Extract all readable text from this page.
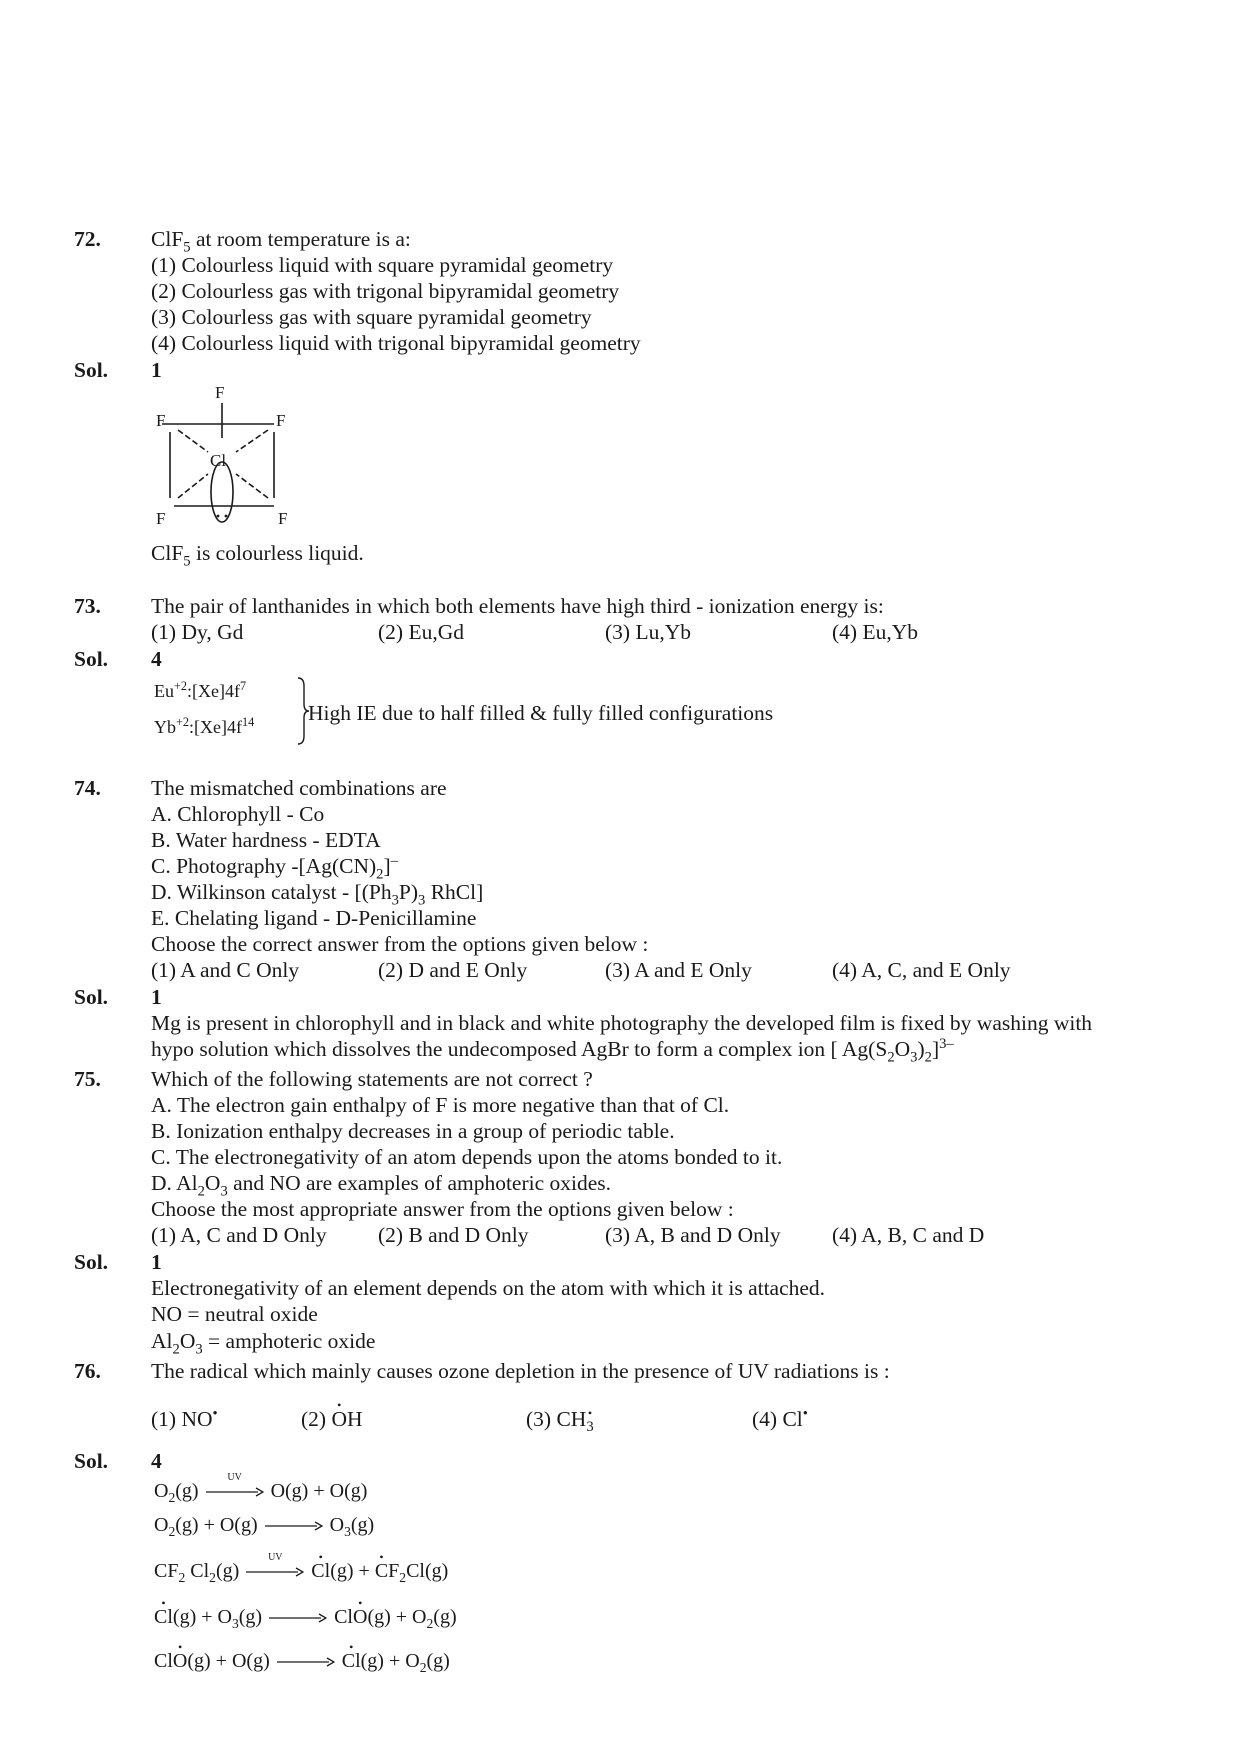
72. ClF$_5$ at room temperature is a:
(1) Colourless liquid with square pyramidal geometry
(2) Colourless gas with trigonal bipyramidal geometry
(3) Colourless gas with square pyramidal geometry
(4) Colourless liquid with trigonal bipyramidal geometry
Sol. 1
F
F	F
F	F
Cl
ClF$_5$ is colourless liquid.
73. The pair of lanthanides in which both elements have high third - ionization energy is:
(1) Dy, Gd	(2) Eu,Gd	(3) Lu,Yb	(4) Eu,Yb
Sol. 4
$Eu^{+2}:[Xe]4f^7$
$Yb^{+2}:[Xe]4f^{14}$	High IE due to half filled & fully filled configurations
74. The mismatched combinations are
A. Chlorophyll - Co
B. Water hardness - EDTA
C. Photography $-[Ag(CN)_2]^-$
D. Wilkinson catalyst - [$(Ph_3P)_3$ RhCl]
E. Chelating ligand - D-Penicillamine
Choose the correct answer from the options given below :
(1) A and C Only	(2) D and E Only	(3) A and E Only	(4) A, C, and E Only
Sol. 1
Mg is present in chlorophyll and in black and white photography the developed film is fixed by washing with
hypo solution which dissolves the undecomposed AgBr to form a complex ion [ $Ag(S_2O_3)_2]^{3-}$
75. Which of the following statements are not correct ?
A. The electron gain enthalpy of F is more negative than that of Cl.
B. Ionization enthalpy decreases in a group of periodic table.
C. The electronegativity of an atom depends upon the atoms bonded to it.
D. $Al_2O_3$ and NO are examples of amphoteric oxides.
Choose the most appropriate answer from the options given below :
(1) A, C and D Only (2) B and D Only	(3) A, B and D Only (4) A, B, C and D
Sol. 1
Electronegativity of an element depends on the atom with which it is attached.
NO = neutral oxide
$Al_2O_3$ = amphoteric oxide
76. The radical which mainly causes ozone depletion in the presence of UV radiations is :
(1) NO•	(2) • OH	(3) $CH_3$	(4) Cl•
Sol. 4
$O_2(g)$
UV
O(g) + O(g)
$O_2(g) + O(g) \to O_3(g)$
$CF_2$ $Cl_2(g)$
UV
• Cl(g) + • $CF_2Cl(g)$
• $Cl(g) + O_3(g)$ → Cl• $O(g) + O_2(g)$
Cl• O(g) + O(g) → • $Cl(g) + O_2(g)$
